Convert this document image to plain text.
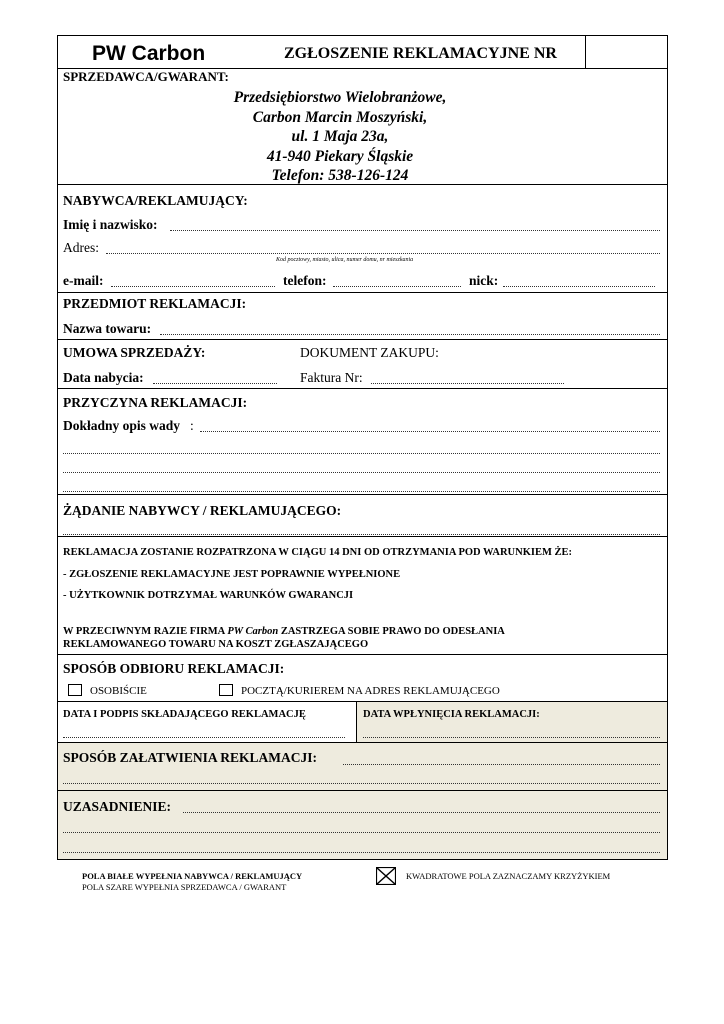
PW Carbon	ZGŁOSZENIE REKLAMACYJNE NR
SPRZEDAWCA/GWARANT:
Przedsiębiorstwo Wielobranżowe,
Carbon Marcin Moszyński,
ul. 1 Maja 23a,
41-940 Piekary Śląskie
Telefon: 538-126-124
NABYWCA/REKLAMUJĄCY:
Imię i nazwisko:
Adres:
Kod pocztowy, miasto, ulica, numer domu, nr mieszkania
e-mail:	telefon:	nick:
PRZEDMIOT REKLAMACJI:
Nazwa towaru:
UMOWA SPRZEDAŻY:	DOKUMENT ZAKUPU:
Data nabycia:	Faktura Nr:
PRZYCZYNA REKLAMACJI:
Dokładny opis wady :
ŻĄDANIE NABYWCY / REKLAMUJĄCEGO:
REKLAMACJA ZOSTANIE ROZPATRZONA W CIĄGU 14 DNI OD OTRZYMANIA POD WARUNKIEM ŻE:
- ZGŁOSZENIE REKLAMACYJNE JEST POPRAWNIE WYPEŁNIONE
- UŻYTKOWNIK DOTRZYMAŁ WARUNKÓW GWARANCJI
W PRZECIWNYM RAZIE FIRMA PW Carbon ZASTRZEGA SOBIE PRAWO DO ODESŁANIA
REKLAMOWANEGO TOWARU NA KOSZT ZGŁASZAJĄCEGO
SPOSÓB ODBIORU REKLAMACJI:
OSOBIŚCIE	POCZTĄ/KURIEREM NA ADRES REKLAMUJĄCEGO
DATA I PODPIS SKŁADAJĄCEGO REKLAMACJĘ	DATA WPŁYNIĘCIA REKLAMACJI:
SPOSÓB ZAŁATWIENIA REKLAMACJI:
UZASADNIENIE:
POLA BIAŁE WYPEŁNIA NABYWCA / REKLAMUJĄCY
POLA SZARE WYPEŁNIA SPRZEDAWCA / GWARANT
KWADRATOWE POLA ZAZNACZAMY KRZYŻYKIEM
